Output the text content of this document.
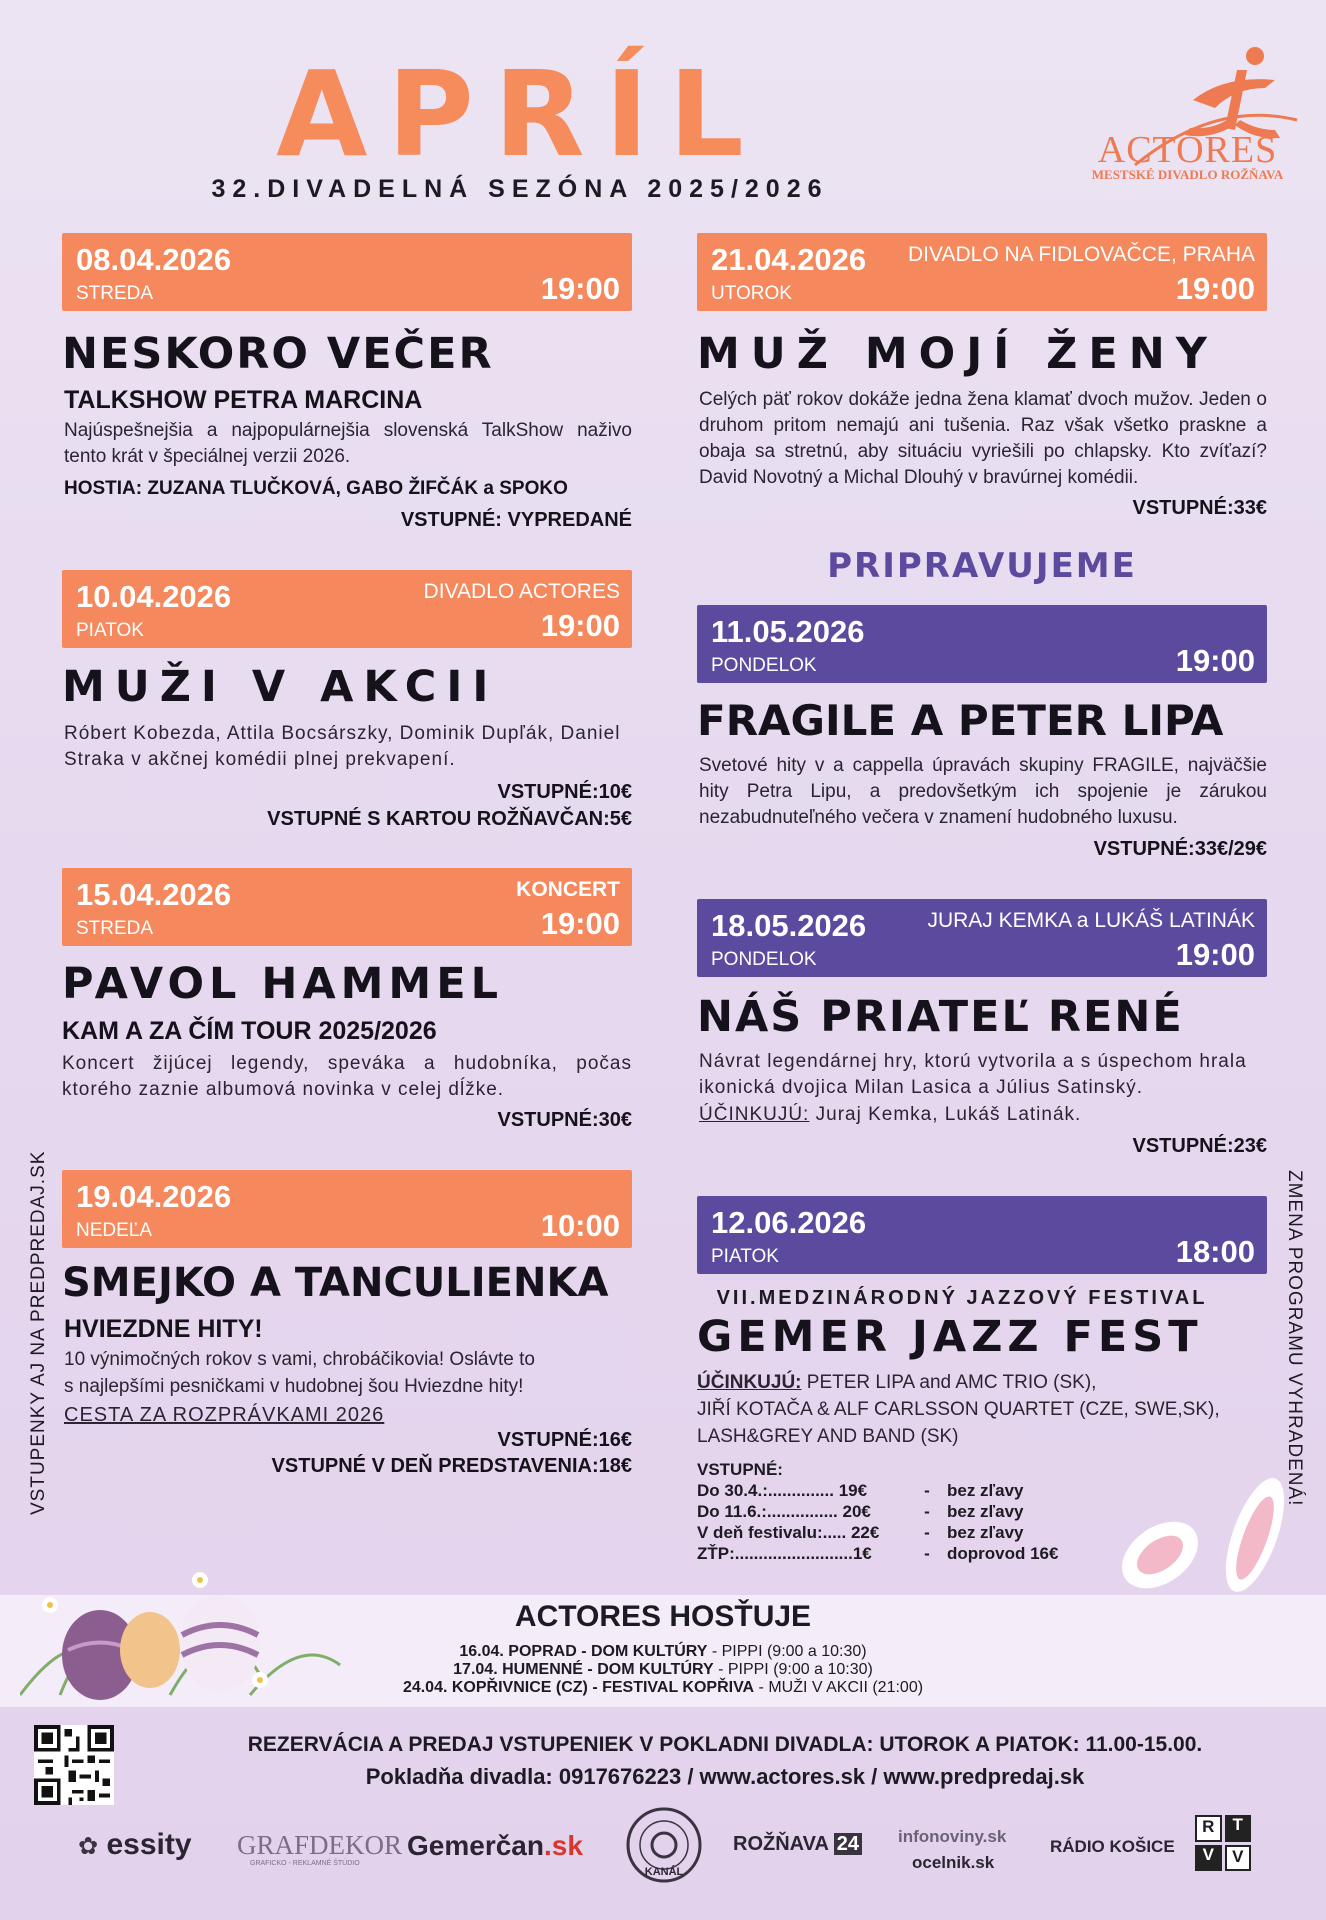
APRÍL
32.DIVADELNÁ SEZÓNA 2025/2026
ACTORES
MESTSKÉ DIVADLO ROŽŇAVA
08.04.2026
STREDA	19:00
NESKORO VEČER
TALKSHOW PETRA MARCINA
Najúspešnejšia a najpopulárnejšia slovenská TalkShow naživo tento krát v špeciálnej verzii 2026.
HOSTIA: ZUZANA TLUČKOVÁ, GABO ŽIFČÁK a SPOKO
VSTUPNÉ: VYPREDANÉ
10.04.2026
PIATOK
DIVADLO ACTORES
19:00
MUŽI V AKCII
Róbert Kobezda, Attila Bocsárszky, Dominik Dupľák, Daniel Straka v akčnej komédii plnej prekvapení.
VSTUPNÉ:10€
VSTUPNÉ S KARTOU ROŽŇAVČAN:5€
15.04.2026
STREDA
KONCERT
19:00
PAVOL HAMMEL
KAM A ZA ČÍM TOUR 2025/2026
Koncert žijúcej legendy, speváka a hudobníka, počas ktorého zaznie albumová novinka v celej dĺžke.
VSTUPNÉ:30€
19.04.2026
NEDEĽA	10:00
SMEJKO A TANCULIENKA
HVIEZDNE HITY!
10 výnimočných rokov s vami, chrobáčikovia! Oslávte to
s najlepšími pesničkami v hudobnej šou Hviezdne hity!
CESTA ZA ROZPRÁVKAMI 2026
VSTUPNÉ:16€
VSTUPNÉ V DEŇ PREDSTAVENIA:18€
21.04.2026
UTOROK
DIVADLO NA FIDLOVAČCE, PRAHA
19:00
MUŽ MOJÍ ŽENY
Celých päť rokov dokáže jedna žena klamať dvoch mužov. Jeden o druhom pritom nemajú ani tušenia. Raz však všetko praskne a obaja sa stretnú, aby situáciu vyriešili po chlapsky. Kto zvíťazí? David Novotný a Michal Dlouhý v bravúrnej komédii.
VSTUPNÉ:33€
PRIPRAVUJEME
11.05.2026
PONDELOK	19:00
FRAGILE A PETER LIPA
Svetové hity v a cappella úpravách skupiny FRAGILE, najväčšie hity Petra Lipu, a predovšetkým ich spojenie je zárukou nezabudnuteľného večera v znamení hudobného luxusu.
VSTUPNÉ:33€/29€
18.05.2026
PONDELOK
JURAJ KEMKA a LUKÁŠ LATINÁK
19:00
NÁŠ PRIATEĽ RENÉ
Návrat legendárnej hry, ktorú vytvorila a s úspechom hrala ikonická dvojica Milan Lasica a Július Satinský.
ÚČINKUJÚ: Juraj Kemka, Lukáš Latinák.
VSTUPNÉ:23€
12.06.2026
PIATOK	18:00
VII.MEDZINÁRODNÝ JAZZOVÝ FESTIVAL
GEMER JAZZ FEST
ÚČINKUJÚ: PETER LIPA and AMC TRIO (SK),
JIŘÍ KOTAČA & ALF CARLSSON QUARTET (CZE, SWE,SK),
LASH&GREY AND BAND (SK)
VSTUPNÉ:
Do 30.4.:.............. 19€	-	bez zľavy
Do 11.6.:............... 20€	-	bez zľavy
V deň festivalu:..... 22€	-	bez zľavy
ZŤP:.........................1€	-	doprovod 16€
VSTUPENKY AJ NA PREDPREDAJ.SK	ZMENA PROGRAMU VYHRADENÁ!
ACTORES HOSŤUJE
16.04. POPRAD - DOM KULTÚRY - PIPPI (9:00 a 10:30)
17.04. HUMENNÉ - DOM KULTÚRY - PIPPI (9:00 a 10:30)
24.04. KOPŘIVNICE (CZ) - FESTIVAL KOPŘIVA - MUŽI V AKCII (21:00)
REZERVÁCIA A PREDAJ VSTUPENIEK V POKLADNI DIVADLA: UTOROK A PIATOK: 11.00-15.00.
Pokladňa divadla: 0917676223 / www.actores.sk / www.predpredaj.sk
✿ essity GRAFDEKOR
GRAFICKO - REKLAMNÉ ŠTÚDIO
Gemerčan.sk
KANÁL
ROŽŇAVA 24 infonoviny.sk
ocelnik.sk
RÁDIO KOŠICE
R	T
V	V
